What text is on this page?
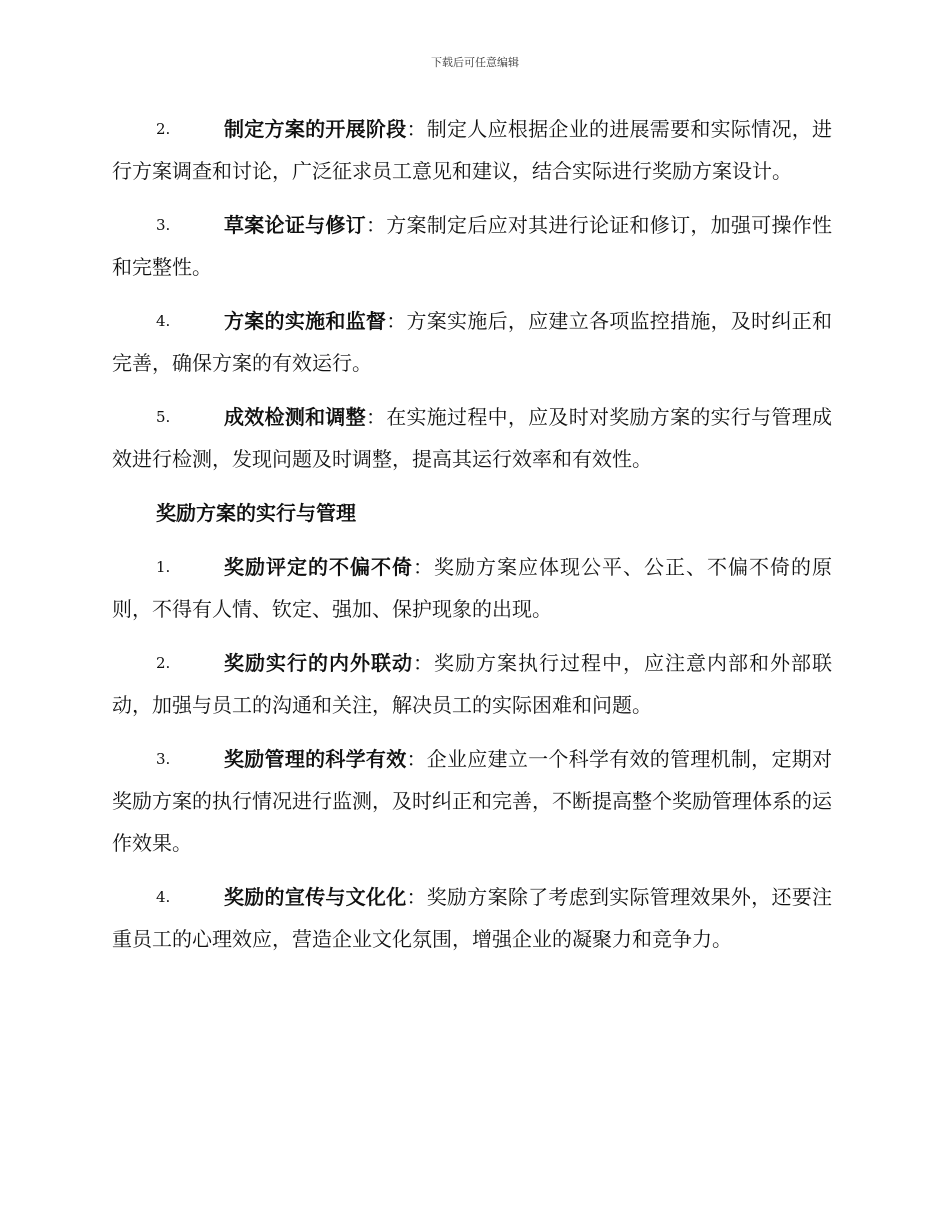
下载后可任意编辑

2.	制定方案的开展阶段：制定人应根据企业的进展需要和实际情况，进行方案调查和讨论，广泛征求员工意见和建议，结合实际进行奖励方案设计。

3.	草案论证与修订：方案制定后应对其进行论证和修订，加强可操作性和完整性。

4.	方案的实施和监督：方案实施后，应建立各项监控措施，及时纠正和完善，确保方案的有效运行。

5.	成效检测和调整：在实施过程中，应及时对奖励方案的实行与管理成效进行检测，发现问题及时调整，提高其运行效率和有效性。

奖励方案的实行与管理

1.	奖励评定的不偏不倚：奖励方案应体现公平、公正、不偏不倚的原则，不得有人情、钦定、强加、保护现象的出现。

2.	奖励实行的内外联动：奖励方案执行过程中，应注意内部和外部联动，加强与员工的沟通和关注，解决员工的实际困难和问题。

3.	奖励管理的科学有效：企业应建立一个科学有效的管理机制，定期对奖励方案的执行情况进行监测，及时纠正和完善，不断提高整个奖励管理体系的运作效果。

4.	奖励的宣传与文化化：奖励方案除了考虑到实际管理效果外，还要注重员工的心理效应，营造企业文化氛围，增强企业的凝聚力和竞争力。
